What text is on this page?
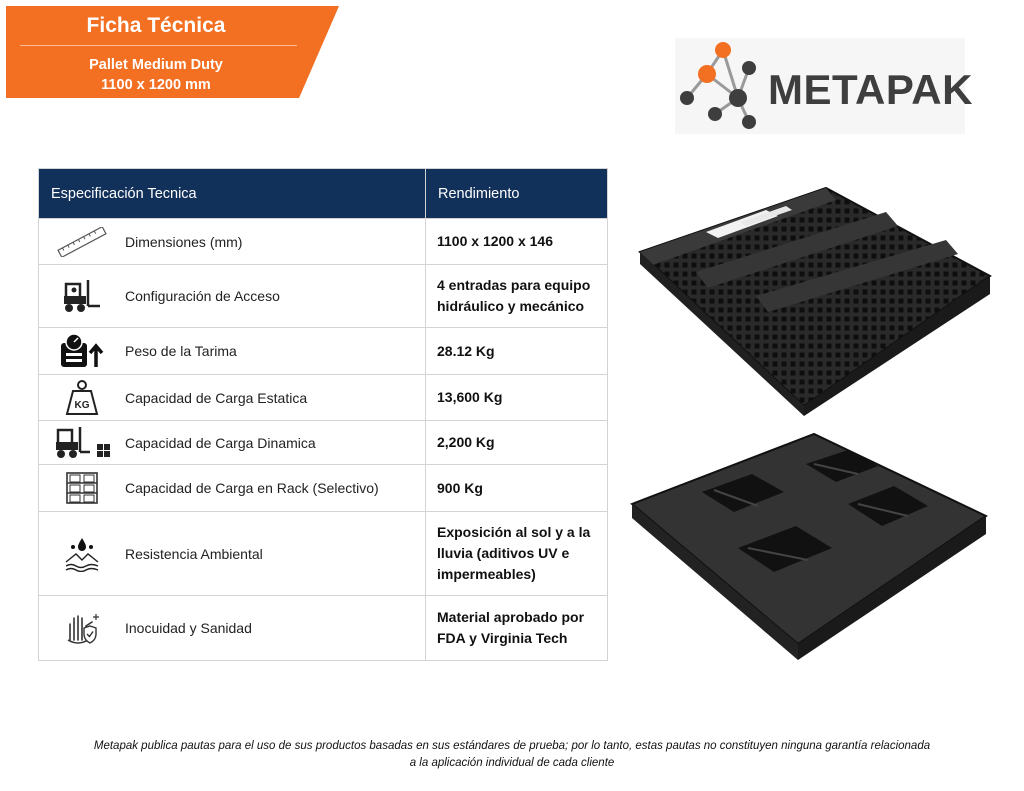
Ficha Técnica
Pallet Medium Duty
1100 x 1200 mm	METAPAK
Especificación Tecnica	Rendimiento

Dimensiones (mm)	1100 x 1200 x 146

Configuración de Acceso	4 entradas para equipo hidráulico y mecánico

Peso de la Tarima	28.12 Kg

KG Capacidad de Carga Estatica	13,600 Kg

Capacidad de Carga Dinamica	2,200 Kg

Capacidad de Carga en Rack (Selectivo)	900 Kg

Resistencia Ambiental	Exposición al sol y a la lluvia (aditivos UV e impermeables)

Inocuidad y Sanidad	Material aprobado por FDA y Virginia Tech
Metapak publica pautas para el uso de sus productos basadas en sus estándares de prueba; por lo tanto, estas pautas no constituyen ninguna garantía relacionada a la aplicación individual de cada cliente
